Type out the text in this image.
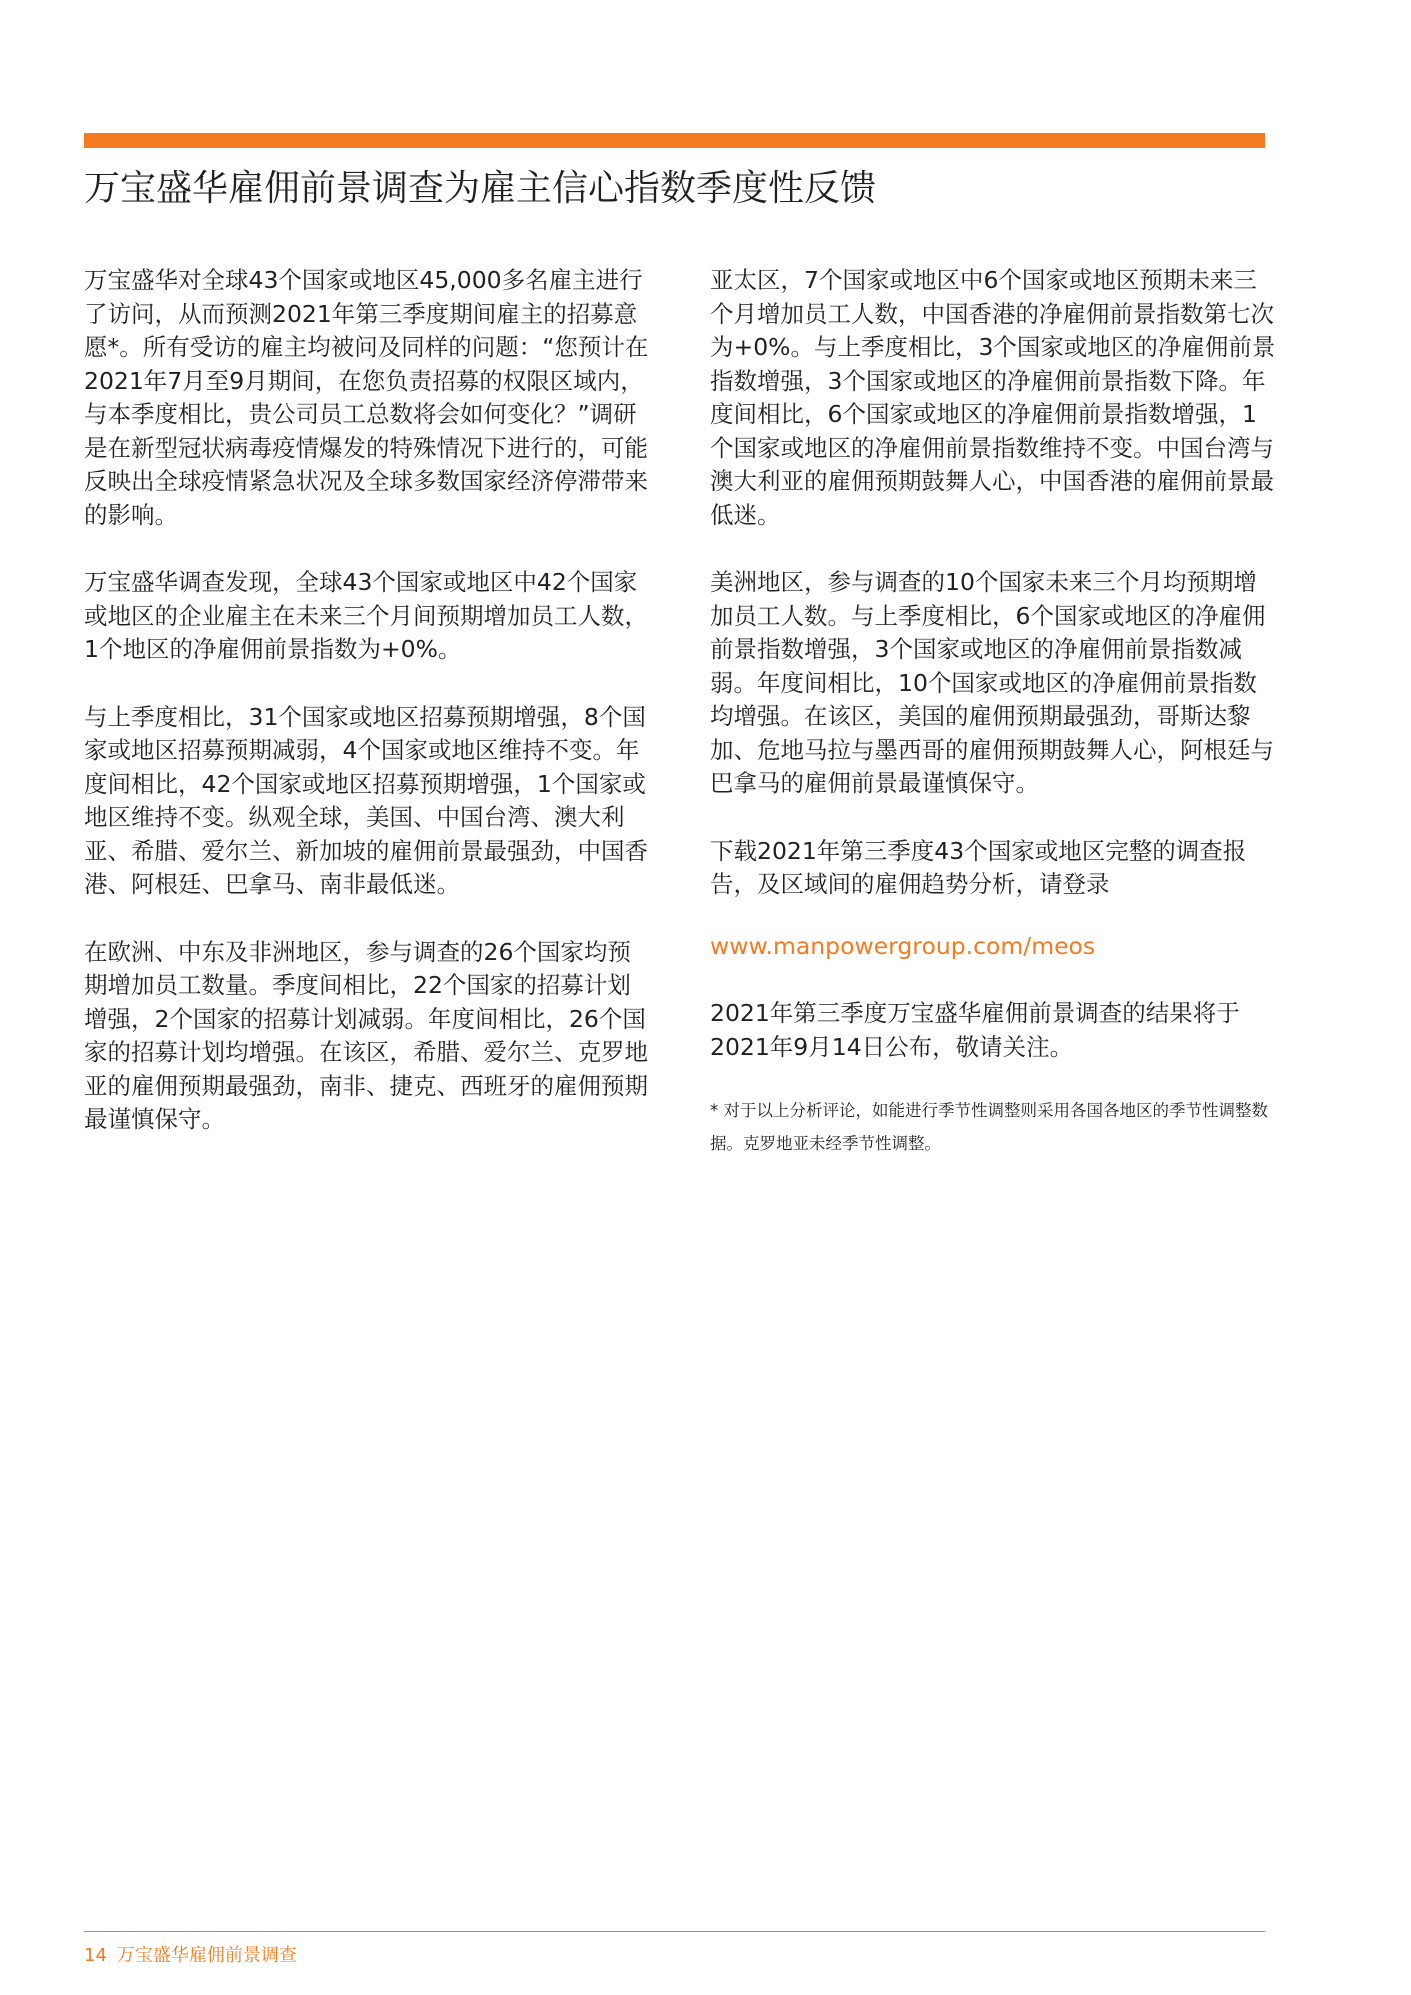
万宝盛华雇佣前景调查为雇主信心指数季度性反馈

万宝盛华对全球43个国家或地区45,000多名雇主进行了访问，从而预测2021年第三季度期间雇主的招募意愿*。所有受访的雇主均被问及同样的问题：“您预计在2021年7月至9月期间，在您负责招募的权限区域内，与本季度相比，贵公司员工总数将会如何变化？”调研是在新型冠状病毒疫情爆发的特殊情况下进行的，可能反映出全球疫情紧急状况及全球多数国家经济停滞带来的影响。

万宝盛华调查发现，全球43个国家或地区中42个国家或地区的企业雇主在未来三个月间预期增加员工人数，1个地区的净雇佣前景指数为+0%。

与上季度相比，31个国家或地区招募预期增强，8个国家或地区招募预期减弱，4个国家或地区维持不变。年度间相比，42个国家或地区招募预期增强，1个国家或地区维持不变。纵观全球，美国、中国台湾、澳大利亚、希腊、爱尔兰、新加坡的雇佣前景最强劲，中国香港、阿根廷、巴拿马、南非最低迷。

在欧洲、中东及非洲地区，参与调查的26个国家均预期增加员工数量。季度间相比，22个国家的招募计划增强，2个国家的招募计划减弱。年度间相比，26个国家的招募计划均增强。在该区，希腊、爱尔兰、克罗地亚的雇佣预期最强劲，南非、捷克、西班牙的雇佣预期最谨慎保守。

亚太区，7个国家或地区中6个国家或地区预期未来三个月增加员工人数，中国香港的净雇佣前景指数第七次为+0%。与上季度相比，3个国家或地区的净雇佣前景指数增强，3个国家或地区的净雇佣前景指数下降。年度间相比，6个国家或地区的净雇佣前景指数增强，1个国家或地区的净雇佣前景指数维持不变。中国台湾与澳大利亚的雇佣预期鼓舞人心，中国香港的雇佣前景最低迷。

美洲地区，参与调查的10个国家未来三个月均预期增加员工人数。与上季度相比，6个国家或地区的净雇佣前景指数增强，3个国家或地区的净雇佣前景指数减弱。年度间相比，10个国家或地区的净雇佣前景指数均增强。在该区，美国的雇佣预期最强劲，哥斯达黎加、危地马拉与墨西哥的雇佣预期鼓舞人心，阿根廷与巴拿马的雇佣前景最谨慎保守。

下载2021年第三季度43个国家或地区完整的调查报告，及区域间的雇佣趋势分析，请登录

www.manpowergroup.com/meos

2021年第三季度万宝盛华雇佣前景调查的结果将于2021年9月14日公布，敬请关注。

* 对于以上分析评论，如能进行季节性调整则采用各国各地区的季节性调整数据。克罗地亚未经季节性调整。

14 万宝盛华雇佣前景调查
